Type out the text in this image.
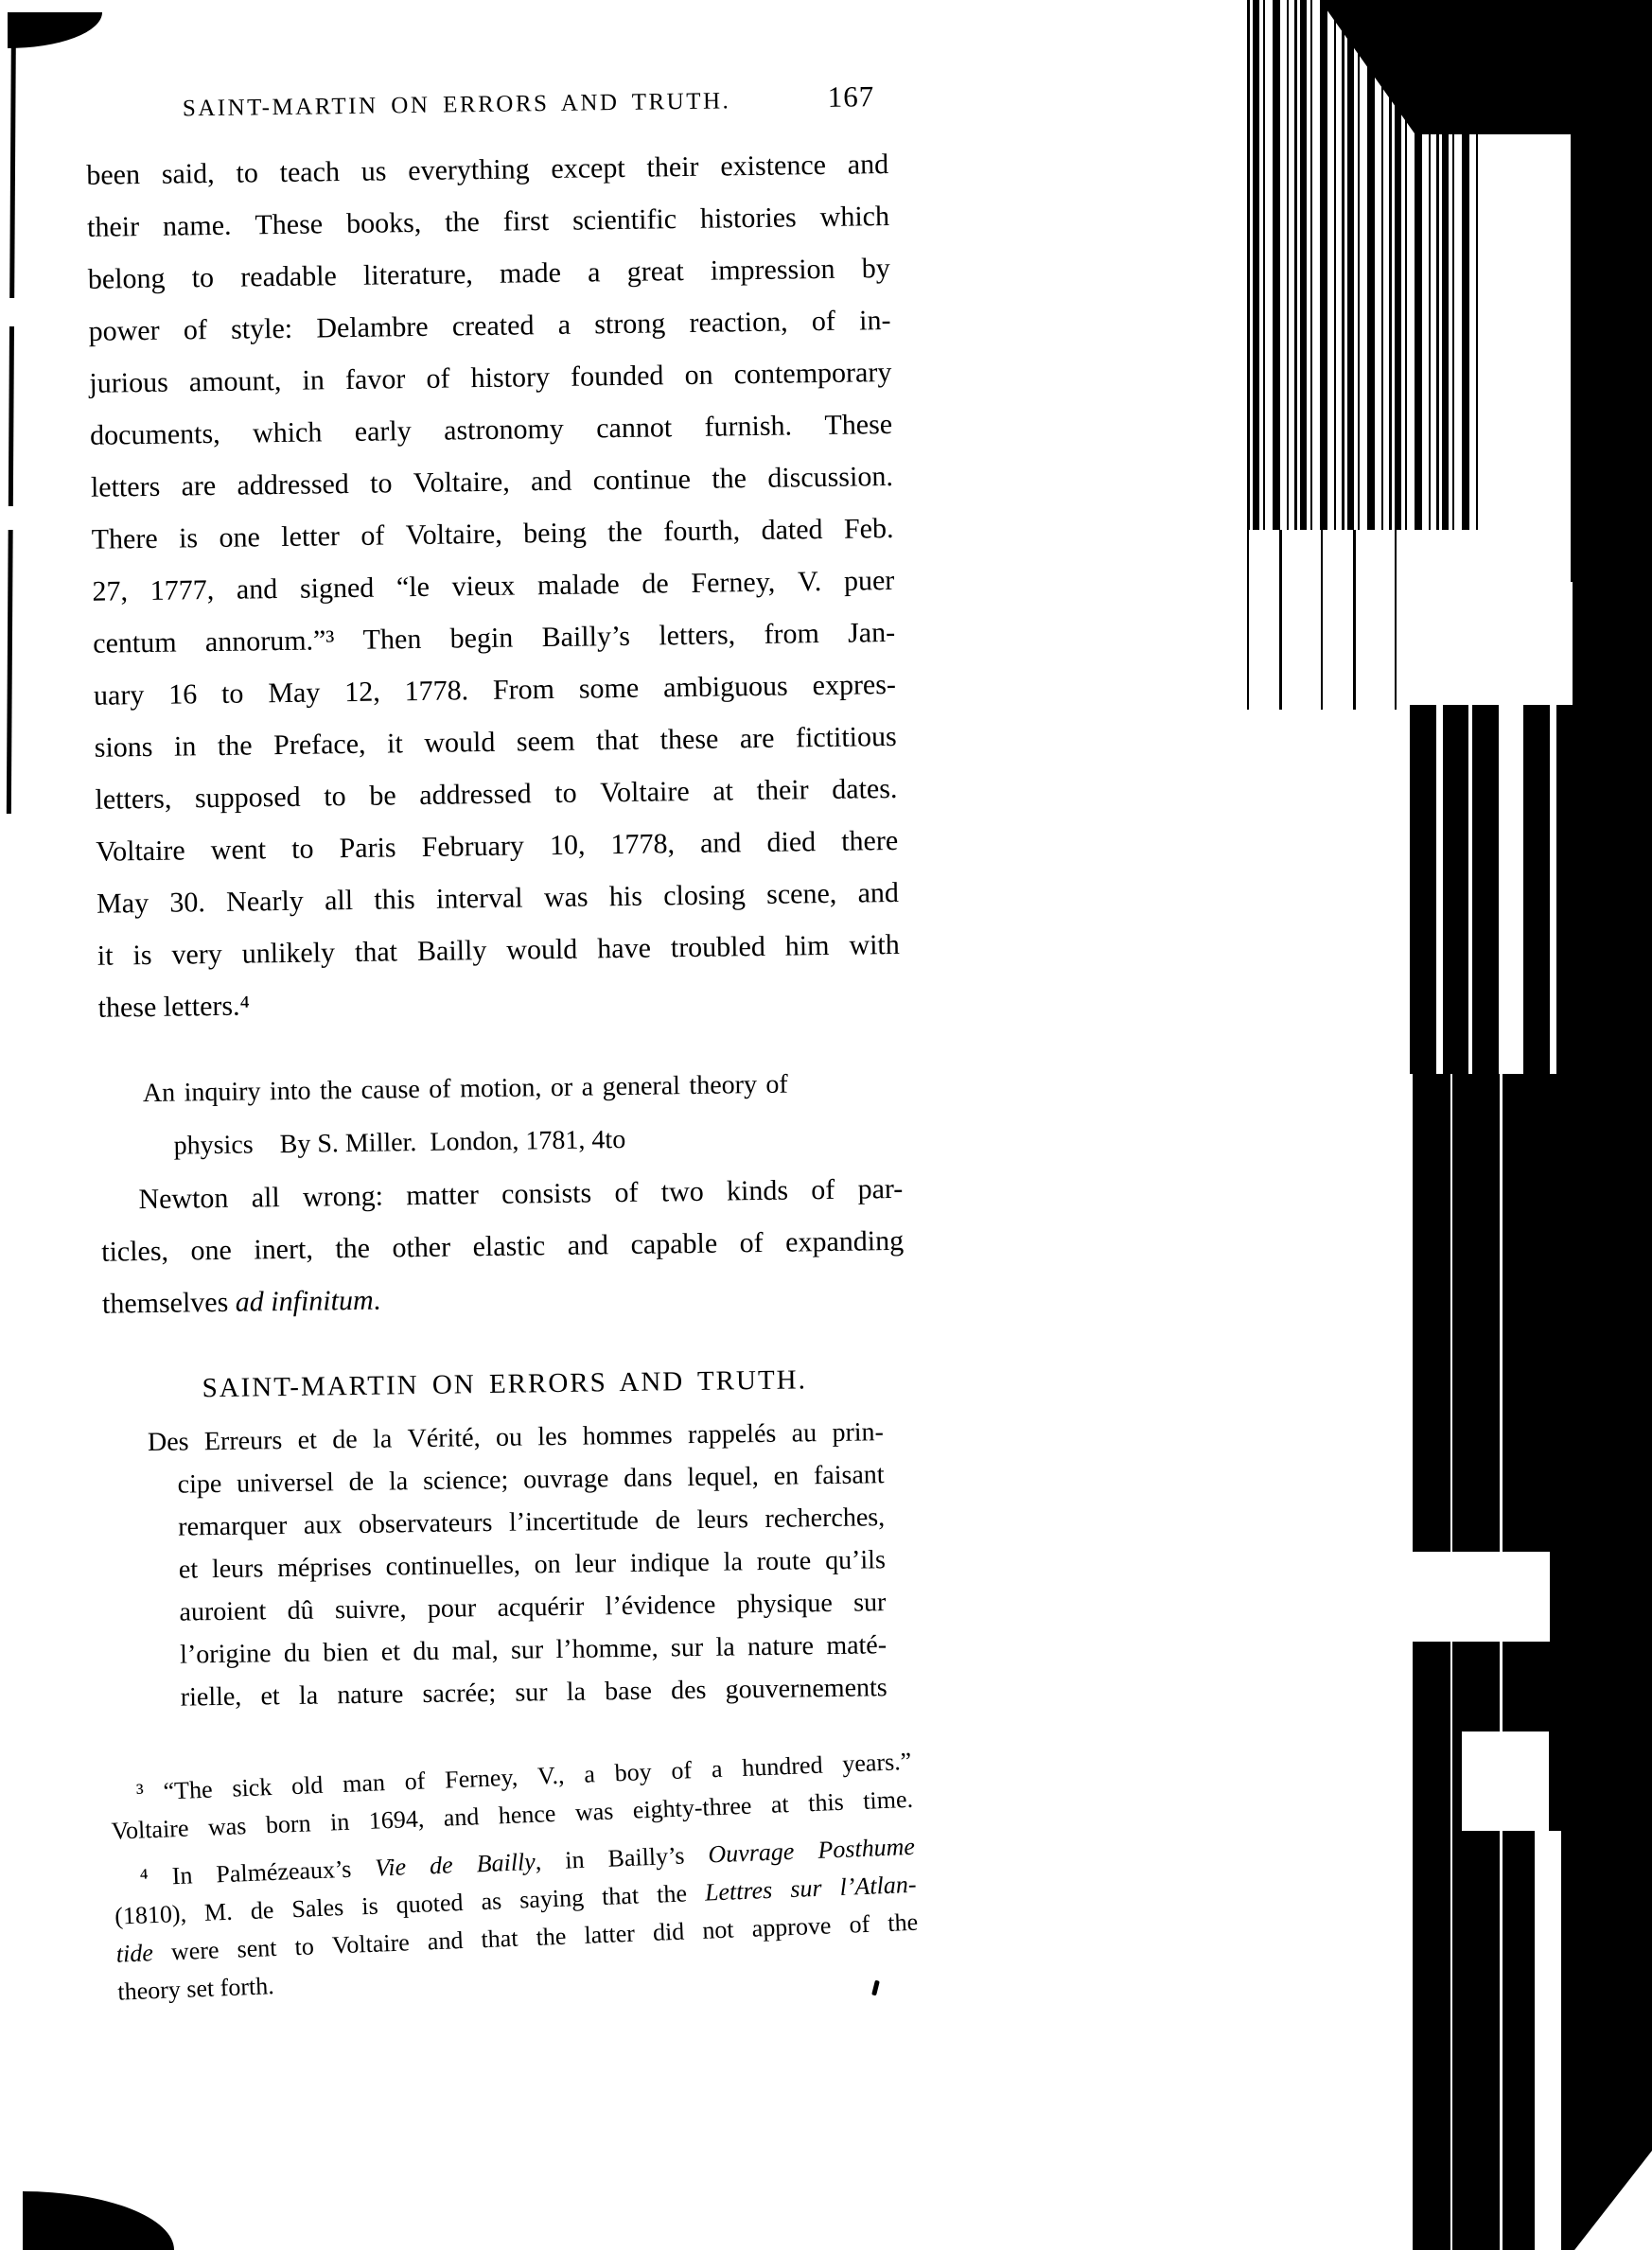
SAINT-MARTIN ON ERRORS AND TRUTH.	167
been said, to teach us everything except their existence and
their name. These books, the first scientific histories which
belong to readable literature, made a great impression by
power of style: Delambre created a strong reaction, of in-
jurious amount, in favor of history founded on contemporary
documents, which early astronomy cannot furnish. These
letters are addressed to Voltaire, and continue the discussion.
There is one letter of Voltaire, being the fourth, dated Feb.
27, 1777, and signed “le vieux malade de Ferney, V. puer
centum annorum.”³ Then begin Bailly’s letters, from Jan-
uary 16 to May 12, 1778. From some ambiguous expres-
sions in the Preface, it would seem that these are fictitious
letters, supposed to be addressed to Voltaire at their dates.
Voltaire went to Paris February 10, 1778, and died there
May 30. Nearly all this interval was his closing scene, and
it is very unlikely that Bailly would have troubled him with
these letters.⁴
An inquiry into the cause of motion, or a general theory of
physics By S. Miller. London, 1781, 4to
Newton all wrong: matter consists of two kinds of par-
ticles, one inert, the other elastic and capable of expanding
themselves ad infinitum.
SAINT-MARTIN ON ERRORS AND TRUTH.
Des Erreurs et de la Vérité, ou les hommes rappelés au prin-
cipe universel de la science; ouvrage dans lequel, en faisant
remarquer aux observateurs l’incertitude de leurs recherches,
et leurs méprises continuelles, on leur indique la route qu’ils
auroient dû suivre, pour acquérir l’évidence physique sur
l’origine du bien et du mal, sur l’homme, sur la nature maté-
rielle, et la nature sacrée; sur la base des gouvernements
³ “The sick old man of Ferney, V., a boy of a hundred years.”
Voltaire was born in 1694, and hence was eighty-three at this time.
⁴ In Palmézeaux’s Vie de Bailly, in Bailly’s Ouvrage Posthume
(1810), M. de Sales is quoted as saying that the Lettres sur l’Atlan-
tide were sent to Voltaire and that the latter did not approve of the
theory set forth.
